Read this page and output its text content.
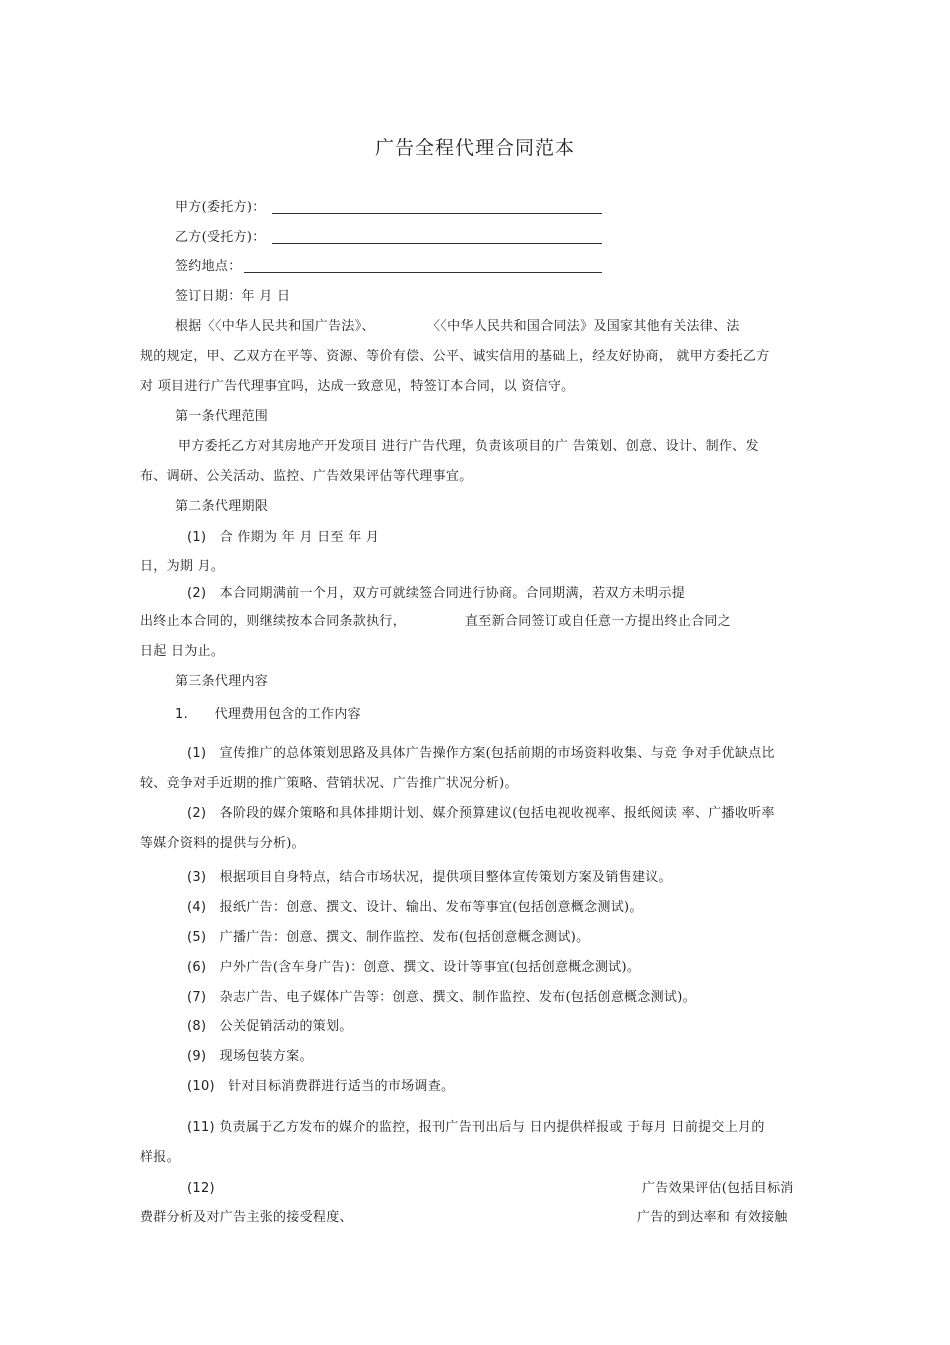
广告全程代理合同范本
甲方(委托方)：
乙方(受托方)：
签约地点：
签订日期：年 月 日
根据〈〈中华人民共和国广告法》、	〈〈中华人民共和国合同法》及国家其他有关法律、法
规的规定，甲、乙双方在平等、资源、等价有偿、公平、诚实信用的基础上，经友好协商， 就甲方委托乙方
对 项目进行广告代理事宜吗，达成一致意见，特签订本合同，以 资信守。
第一条代理范围
甲方委托乙方对其房地产开发项目 进行广告代理，负责该项目的广 告策划、创意、设计、制作、发
布、调研、公关活动、监控、广告效果评估等代理事宜。
第二条代理期限
(1) 合 作期为 年 月 日至 年 月
日，为期 月。
(2) 本合同期满前一个月，双方可就续签合同进行协商。合同期满，若双方未明示提
出终止本合同的，则继续按本合同条款执行，	直至新合同签订或自任意一方提出终止合同之
日起 日为止。
第三条代理内容
1. 代理费用包含的工作内容
(1) 宣传推广的总体策划思路及具体广告操作方案(包括前期的市场资料收集、与竞 争对手优缺点比
较、竞争对手近期的推广策略、营销状况、广告推广状况分析)。
(2) 各阶段的媒介策略和具体排期计划、媒介预算建议(包括电视收视率、报纸阅读 率、广播收听率
等媒介资料的提供与分析)。
(3) 根据项目自身特点，结合市场状况，提供项目整体宣传策划方案及销售建议。
(4) 报纸广告：创意、撰文、设计、输出、发布等事宜(包括创意概念测试)。
(5) 广播广告：创意、撰文、制作监控、发布(包括创意概念测试)。
(6) 户外广告(含车身广告)：创意、撰文、设计等事宜(包括创意概念测试)。
(7) 杂志广告、电子媒体广告等：创意、撰文、制作监控、发布(包括创意概念测试)。
(8) 公关促销活动的策划。
(9) 现场包装方案。
(10) 针对目标消费群进行适当的市场调查。
(11) 负责属于乙方发布的媒介的监控，报刊广告刊出后与 日内提供样报或 于每月 日前提交上月的
样报。
(12)	广告效果评估(包括目标消
费群分析及对广告主张的接受程度、	广告的到达率和 有效接触
